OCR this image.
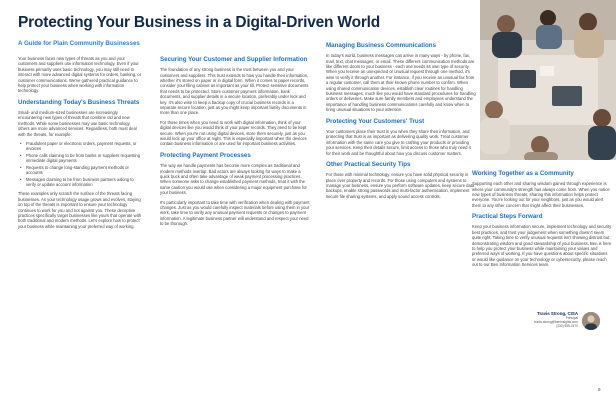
Protecting Your Business in a Digital-Driven World
A Guide for Plain Community Businesses

Your business faces new types of threats as you and your customers and suppliers use information technology. Even if your business primarily uses basic technology, you may still need to interact with more advanced digital systems for orders, banking, or customer communications. We've gathered practical guidance to help protect your business when working with information technology.

Understanding Today's Business Threats

Small- and medium-sized businesses are increasingly encountering new types of threats that combine old and new methods. While some businesses may use basic technology, others are more advanced services. Regardless, both must deal with the threats, for example:

• Fraudulent paper or electronic orders, payment requests, or invoices
• Phone calls claiming to be from banks or suppliers requesting immediate digital payments
• Requests to change long-standing payment methods or accounts
• Messages claiming to be from business partners asking to verify or update account information

These examples only scratch the surface of the threats facing businesses. As your technology usage grows and evolves, staying on top of the threats is important to ensure your technology continues to work for you and not against you. These deceptive practices specifically target businesses like yours that operate with both traditional and modern methods. Let's explore how to protect your business while maintaining your preferred way of working.

Securing Your Customer and Supplier Information

The foundation of any strong business is the trust between you and your customers and suppliers. This trust extends to how you handle their information, whether it's stored on paper or in digital form. When it comes to paper records, consider your filing cabinet as important as your till. Protect sensitive documents that needs to be protected. Store customer payment information, bank documents, and supplier details in a secure location, preferably under lock and key. It's also wise to keep a backup copy of crucial business records in a separate secure location, just as you might keep important family documents in more than one place.

For those times when you need to work with digital information, think of your digital devices like you would think of your paper records. They need to be kept secure. When you're not using digital devices, store them securely, just as you would lock up your office at night. This is especially important when the devices contain business information or are used for important business activities.

Protecting Payment Processes

The way we handle payments has become more complex as traditional and modern methods overlap. Bad actors are always looking for ways to make a quick buck and often take advantage of weak payment processing practices. When someone asks to change established payment methods, treat it with the same caution you would use when considering a major equipment purchase for your business.

It's particularly important to take time with verification when dealing with payment changes. Just as you would carefully inspect materials before using them in your work, take time to verify any unusual payment requests or changes to payment information. A legitimate business partner will understand and respect your need to be thorough.

Managing Business Communications

In today's world, business messages can arrive in many ways - by phone, fax, mail, text, chat messages, or email. These different communication methods are like different doors to your business - each one needs its own type of security. When you receive an unexpected or unusual request through one method, it's wise to verify it through another. For instance, if you receive an unusual fax from a regular customer, call them at their known phone number to confirm. When using shared communication devices, establish clear routines for handling business messages, much like you would have standard procedures for handling orders or deliveries. Make sure family members and employees understand the importance of handling business communications carefully and know when to bring unusual situations to your attention.

Protecting Your Customers' Trust

Your customers place their trust in you when they share their information, and protecting that trust is as important as delivering quality work. Treat customer information with the same care you give to crafting your products or providing your services. Keep their details secure, limit access to those who truly need it for their work and be thoughtful about how you discuss customer matters.

Other Practical Security Tips

For those with minimal technology, ensure you have solid physical security in place over property and records. For those using computers and systems to manage your business, ensure you perform software updates, keep secure data backups, enable strong passwords and multi-factor authentication, implement secure file sharing systems, and apply sound access controls.

Working Together as a Community

Supporting each other and sharing wisdom gained through experience is where your community's strength has always come from. When you notice new types of business threats, sharing this information helps protect everyone. You're looking out for your neighbors, just as you would alert them to any other concern that might affect their businesses.

Practical Steps Forward

Keep your business information secure, implement technology and security best practices, and trust your judgement when something doesn't seem quite right. Taking time to verify unusual requests isn't showing distrust but demonstrating wisdom and good stewardship of your business. Ben is here to help you protect your business while maintaining your values and preferred ways of working. If you have questions about specific situations or would like guidance on your technology or cybersecurity, please reach out to our Ben Information Services team.

Travis Strong, CISA
Principal
travis.strong@beninsights.com
(330) 555-2470
9
